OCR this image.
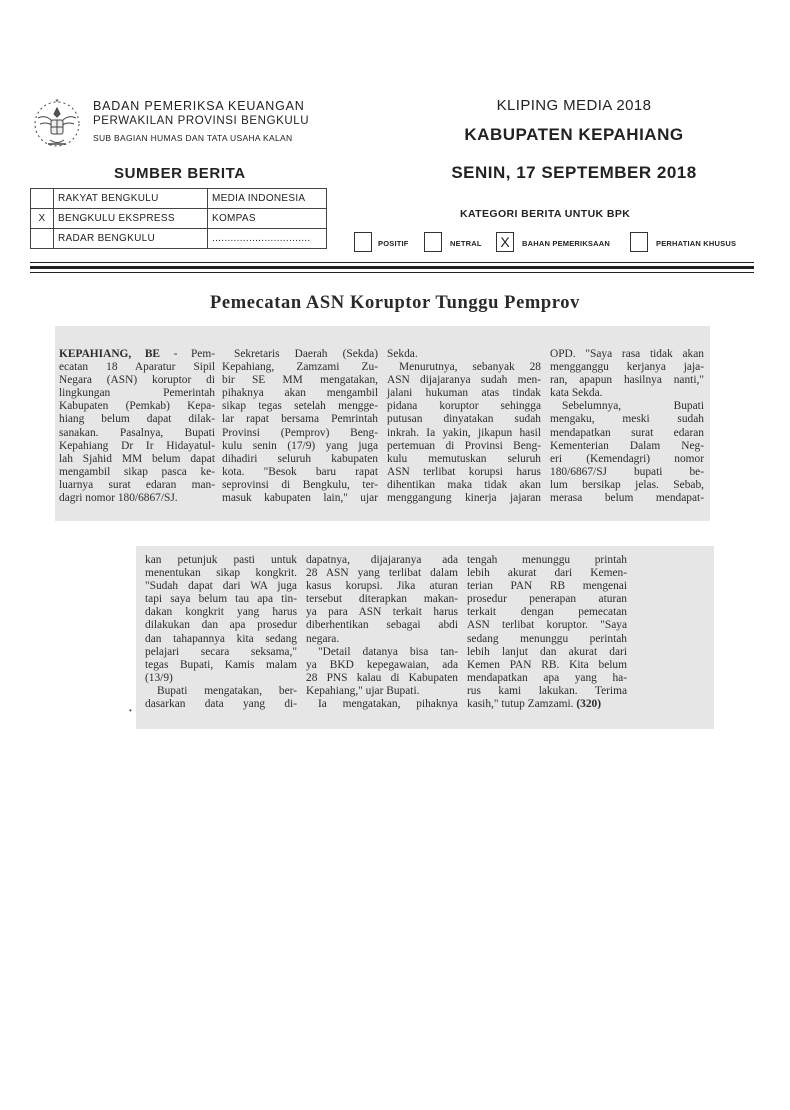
★	BADAN PEMERIKSA KEUANGAN
PERWAKILAN PROVINSI BENGKULU
SUB BAGIAN HUMAS DAN TATA USAHA KALAN
KLIPING MEDIA 2018
KABUPATEN KEPAHIANG
SENIN, 17 SEPTEMBER 2018
SUMBER BERITA
	RAKYAT BENGKULU	MEDIA INDONESIA
X	BENGKULU EKSPRESS	KOMPAS
	RADAR BENGKULU	................................
KATEGORI BERITA UNTUK BPK
POSITIF	NETRAL	X	BAHAN PEMERIKSAAN	PERHATIAN KHUSUS
Pemecatan ASN Koruptor Tunggu Pemprov
KEPAHIANG, BE - Pem-
ecatan 18 Aparatur Sipil
Negara (ASN) koruptor di
lingkungan Pemerintah
Kabupaten (Pemkab) Kepa-
hiang belum dapat dilak-
sanakan. Pasalnya, Bupati
Kepahiang Dr Ir Hidayatul-
lah Sjahid MM belum dapat
mengambil sikap pasca ke-
luarnya surat edaran man-
dagri nomor 180/6867/SJ.
Sekretaris Daerah (Sekda)
Kepahiang, Zamzami Zu-
bir SE MM mengatakan,
pihaknya akan mengambil
sikap tegas setelah mengge-
lar rapat bersama Pemrintah
Provinsi (Pemprov) Beng-
kulu senin (17/9) yang juga
dihadiri seluruh kabupaten
kota. "Besok baru rapat
seprovinsi di Bengkulu, ter-
masuk kabupaten lain," ujar
Sekda.
Menurutnya, sebanyak 28
ASN dijajaranya sudah men-
jalani hukuman atas tindak
pidana koruptor sehingga
putusan dinyatakan sudah
inkrah. Ia yakin, jikapun hasil
pertemuan di Provinsi Beng-
kulu memutuskan seluruh
ASN terlibat korupsi harus
dihentikan maka tidak akan
menggangung kinerja jajaran
OPD. "Saya rasa tidak akan
mengganggu kerjanya jaja-
ran, apapun hasilnya nanti,"
kata Sekda.
Sebelumnya, Bupati
mengaku, meski sudah
mendapatkan surat edaran
Kementerian Dalam Neg-
eri (Kemendagri) nomor
180/6867/SJ bupati be-
lum bersikap jelas. Sebab,
merasa belum mendapat-
•
kan petunjuk pasti untuk
menentukan sikap kongkrit.
"Sudah dapat dari WA juga
tapi saya belum tau apa tin-
dakan kongkrit yang harus
dilakukan dan apa prosedur
dan tahapannya kita sedang
pelajari secara seksama,"
tegas Bupati, Kamis malam
(13/9)
Bupati mengatakan, ber-
dasarkan data yang di-
dapatnya, dijajaranya ada
28 ASN yang terlibat dalam
kasus korupsi. Jika aturan
tersebut diterapkan makan-
ya para ASN terkait harus
diberhentikan sebagai abdi
negara.
"Detail datanya bisa tan-
ya BKD kepegawaian, ada
28 PNS kalau di Kabupaten
Kepahiang," ujar Bupati.
Ia mengatakan, pihaknya
tengah menunggu printah
lebih akurat dari Kemen-
terian PAN RB mengenai
prosedur penerapan aturan
terkait dengan pemecatan
ASN terlibat koruptor. "Saya
sedang menunggu perintah
lebih lanjut dan akurat dari
Kemen PAN RB. Kita belum
mendapatkan apa yang ha-
rus kami lakukan. Terima
kasih," tutup Zamzami. (320)
